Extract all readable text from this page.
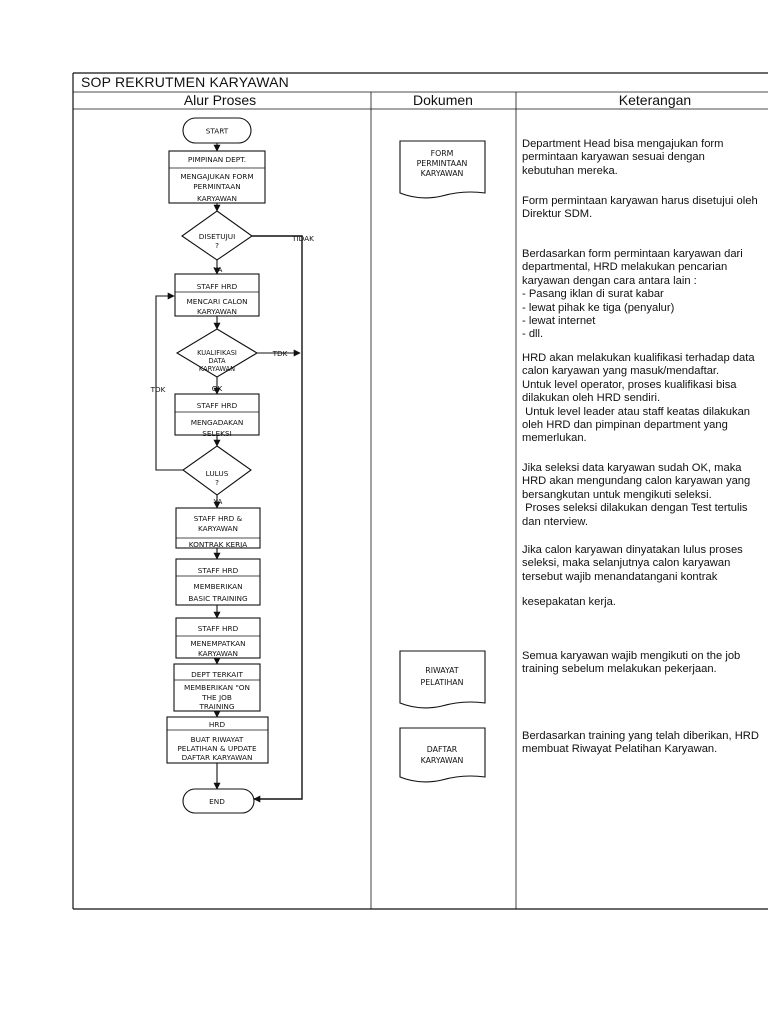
START
PIMPINAN DEPT.
MENGAJUKAN FORM
PERMINTAAN
KARYAWAN
DISETUJUI
?
STAFF HRD
MENCARI CALON
KARYAWAN
KUALIFIKASI
DATA
KARYAWAN
STAFF HRD
MENGADAKAN
SELEKSI
LULUS
?
STAFF HRD &
KARYAWAN
KONTRAK KERJA
STAFF HRD
MEMBERIKAN
BASIC TRAINING
STAFF HRD
MENEMPATKAN
KARYAWAN
DEPT TERKAIT
MEMBERIKAN "ON
THE JOB
TRAINING
HRD
BUAT RIWAYAT
PELATIHAN & UPDATE
DAFTAR KARYAWAN
END
YA
OK
YA
TIDAK
TDK
TDK
FORM
PERMINTAAN
KARYAWAN
RIWAYAT
PELATIHAN
DAFTAR
KARYAWAN
SOP REKRUTMEN KARYAWAN
Alur Proses	Dokumen	Keterangan
Department Head bisa mengajukan form
permintaan karyawan sesuai dengan
kebutuhan mereka.
Form permintaan karyawan harus disetujui oleh
Direktur SDM.
Berdasarkan form permintaan karyawan dari
departmental, HRD melakukan pencarian
karyawan dengan cara antara lain :
- Pasang iklan di surat kabar
- lewat pihak ke tiga (penyalur)
- lewat internet
- dll.
HRD akan melakukan kualifikasi terhadap data
calon karyawan yang masuk/mendaftar.
Untuk level operator, proses kualifikasi bisa
dilakukan oleh HRD sendiri.
Untuk level leader atau staff keatas dilakukan
oleh HRD dan pimpinan department yang
memerlukan.
Jika seleksi data karyawan sudah OK, maka
HRD akan mengundang calon karyawan yang
bersangkutan untuk mengikuti seleksi.
Proses seleksi dilakukan dengan Test tertulis
dan nterview.
Jika calon karyawan dinyatakan lulus proses
seleksi, maka selanjutnya calon karyawan
tersebut wajib menandatangani kontrak
kesepakatan kerja.
Semua karyawan wajib mengikuti on the job
training sebelum melakukan pekerjaan.
Berdasarkan training yang telah diberikan, HRD
membuat Riwayat Pelatihan Karyawan.
